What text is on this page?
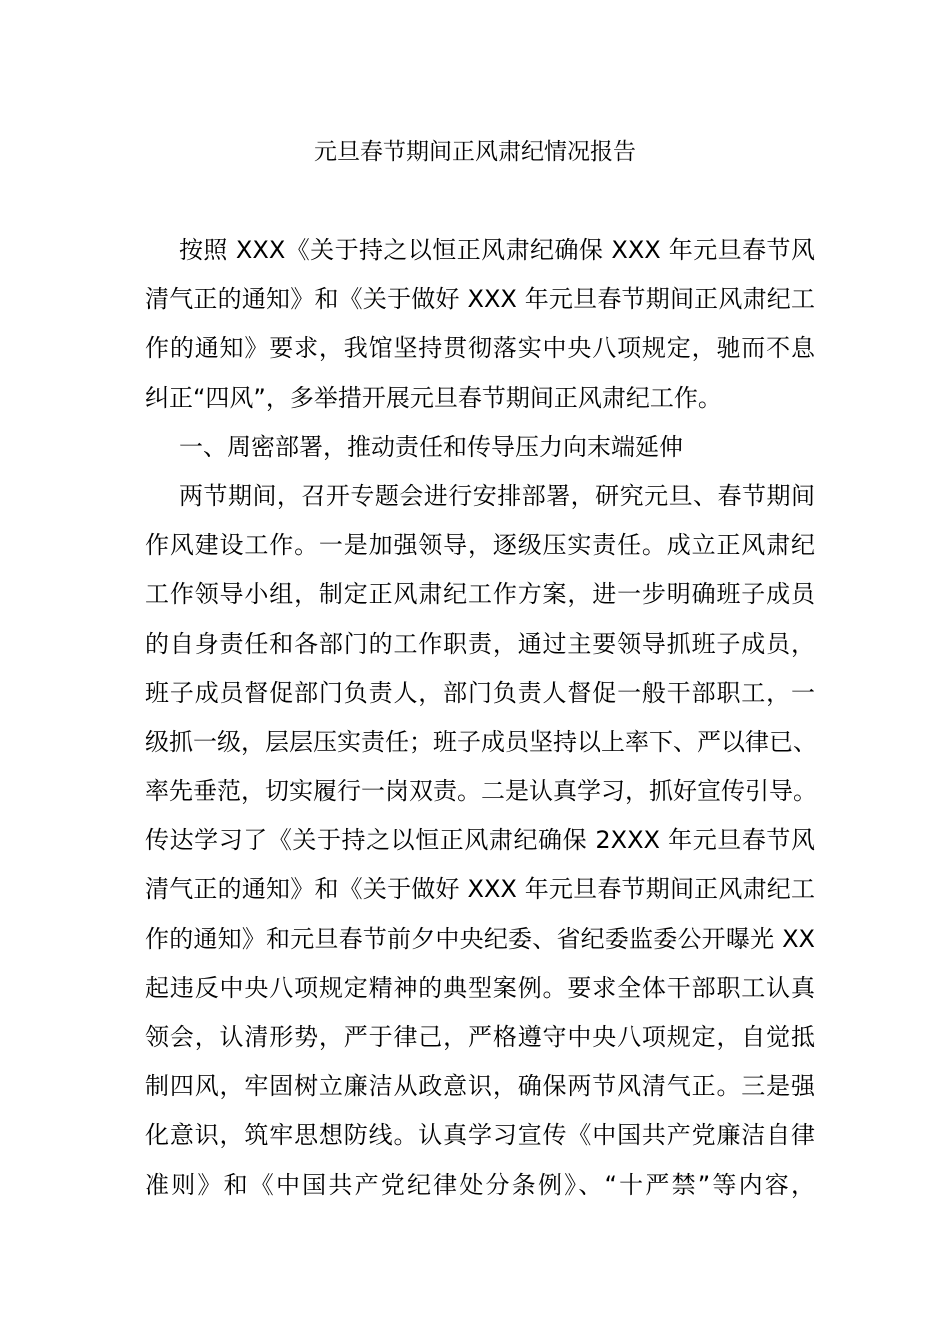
元旦春节期间正风肃纪情况报告
按照 XXX《关于持之以恒正风肃纪确保 XXX 年元旦春节风
清气正的通知》和《关于做好 XXX 年元旦春节期间正风肃纪工
作的通知》要求，我馆坚持贯彻落实中央八项规定，驰而不息
纠正“四风”，多举措开展元旦春节期间正风肃纪工作。
一、周密部署，推动责任和传导压力向末端延伸
两节期间，召开专题会进行安排部署，研究元旦、春节期间
作风建设工作。一是加强领导，逐级压实责任。成立正风肃纪
工作领导小组，制定正风肃纪工作方案，进一步明确班子成员
的自身责任和各部门的工作职责，通过主要领导抓班子成员，
班子成员督促部门负责人，部门负责人督促一般干部职工，一
级抓一级，层层压实责任；班子成员坚持以上率下、严以律已、
率先垂范，切实履行一岗双责。二是认真学习，抓好宣传引导。
传达学习了《关于持之以恒正风肃纪确保 2XXX 年元旦春节风
清气正的通知》和《关于做好 XXX 年元旦春节期间正风肃纪工
作的通知》和元旦春节前夕中央纪委、省纪委监委公开曝光 XX
起违反中央八项规定精神的典型案例。要求全体干部职工认真
领会，认清形势，严于律己，严格遵守中央八项规定，自觉抵
制四风，牢固树立廉洁从政意识，确保两节风清气正。三是强
化意识，筑牢思想防线。认真学习宣传《中国共产党廉洁自律
准则》和《中国共产党纪律处分条例》、“十严禁”等内容，
